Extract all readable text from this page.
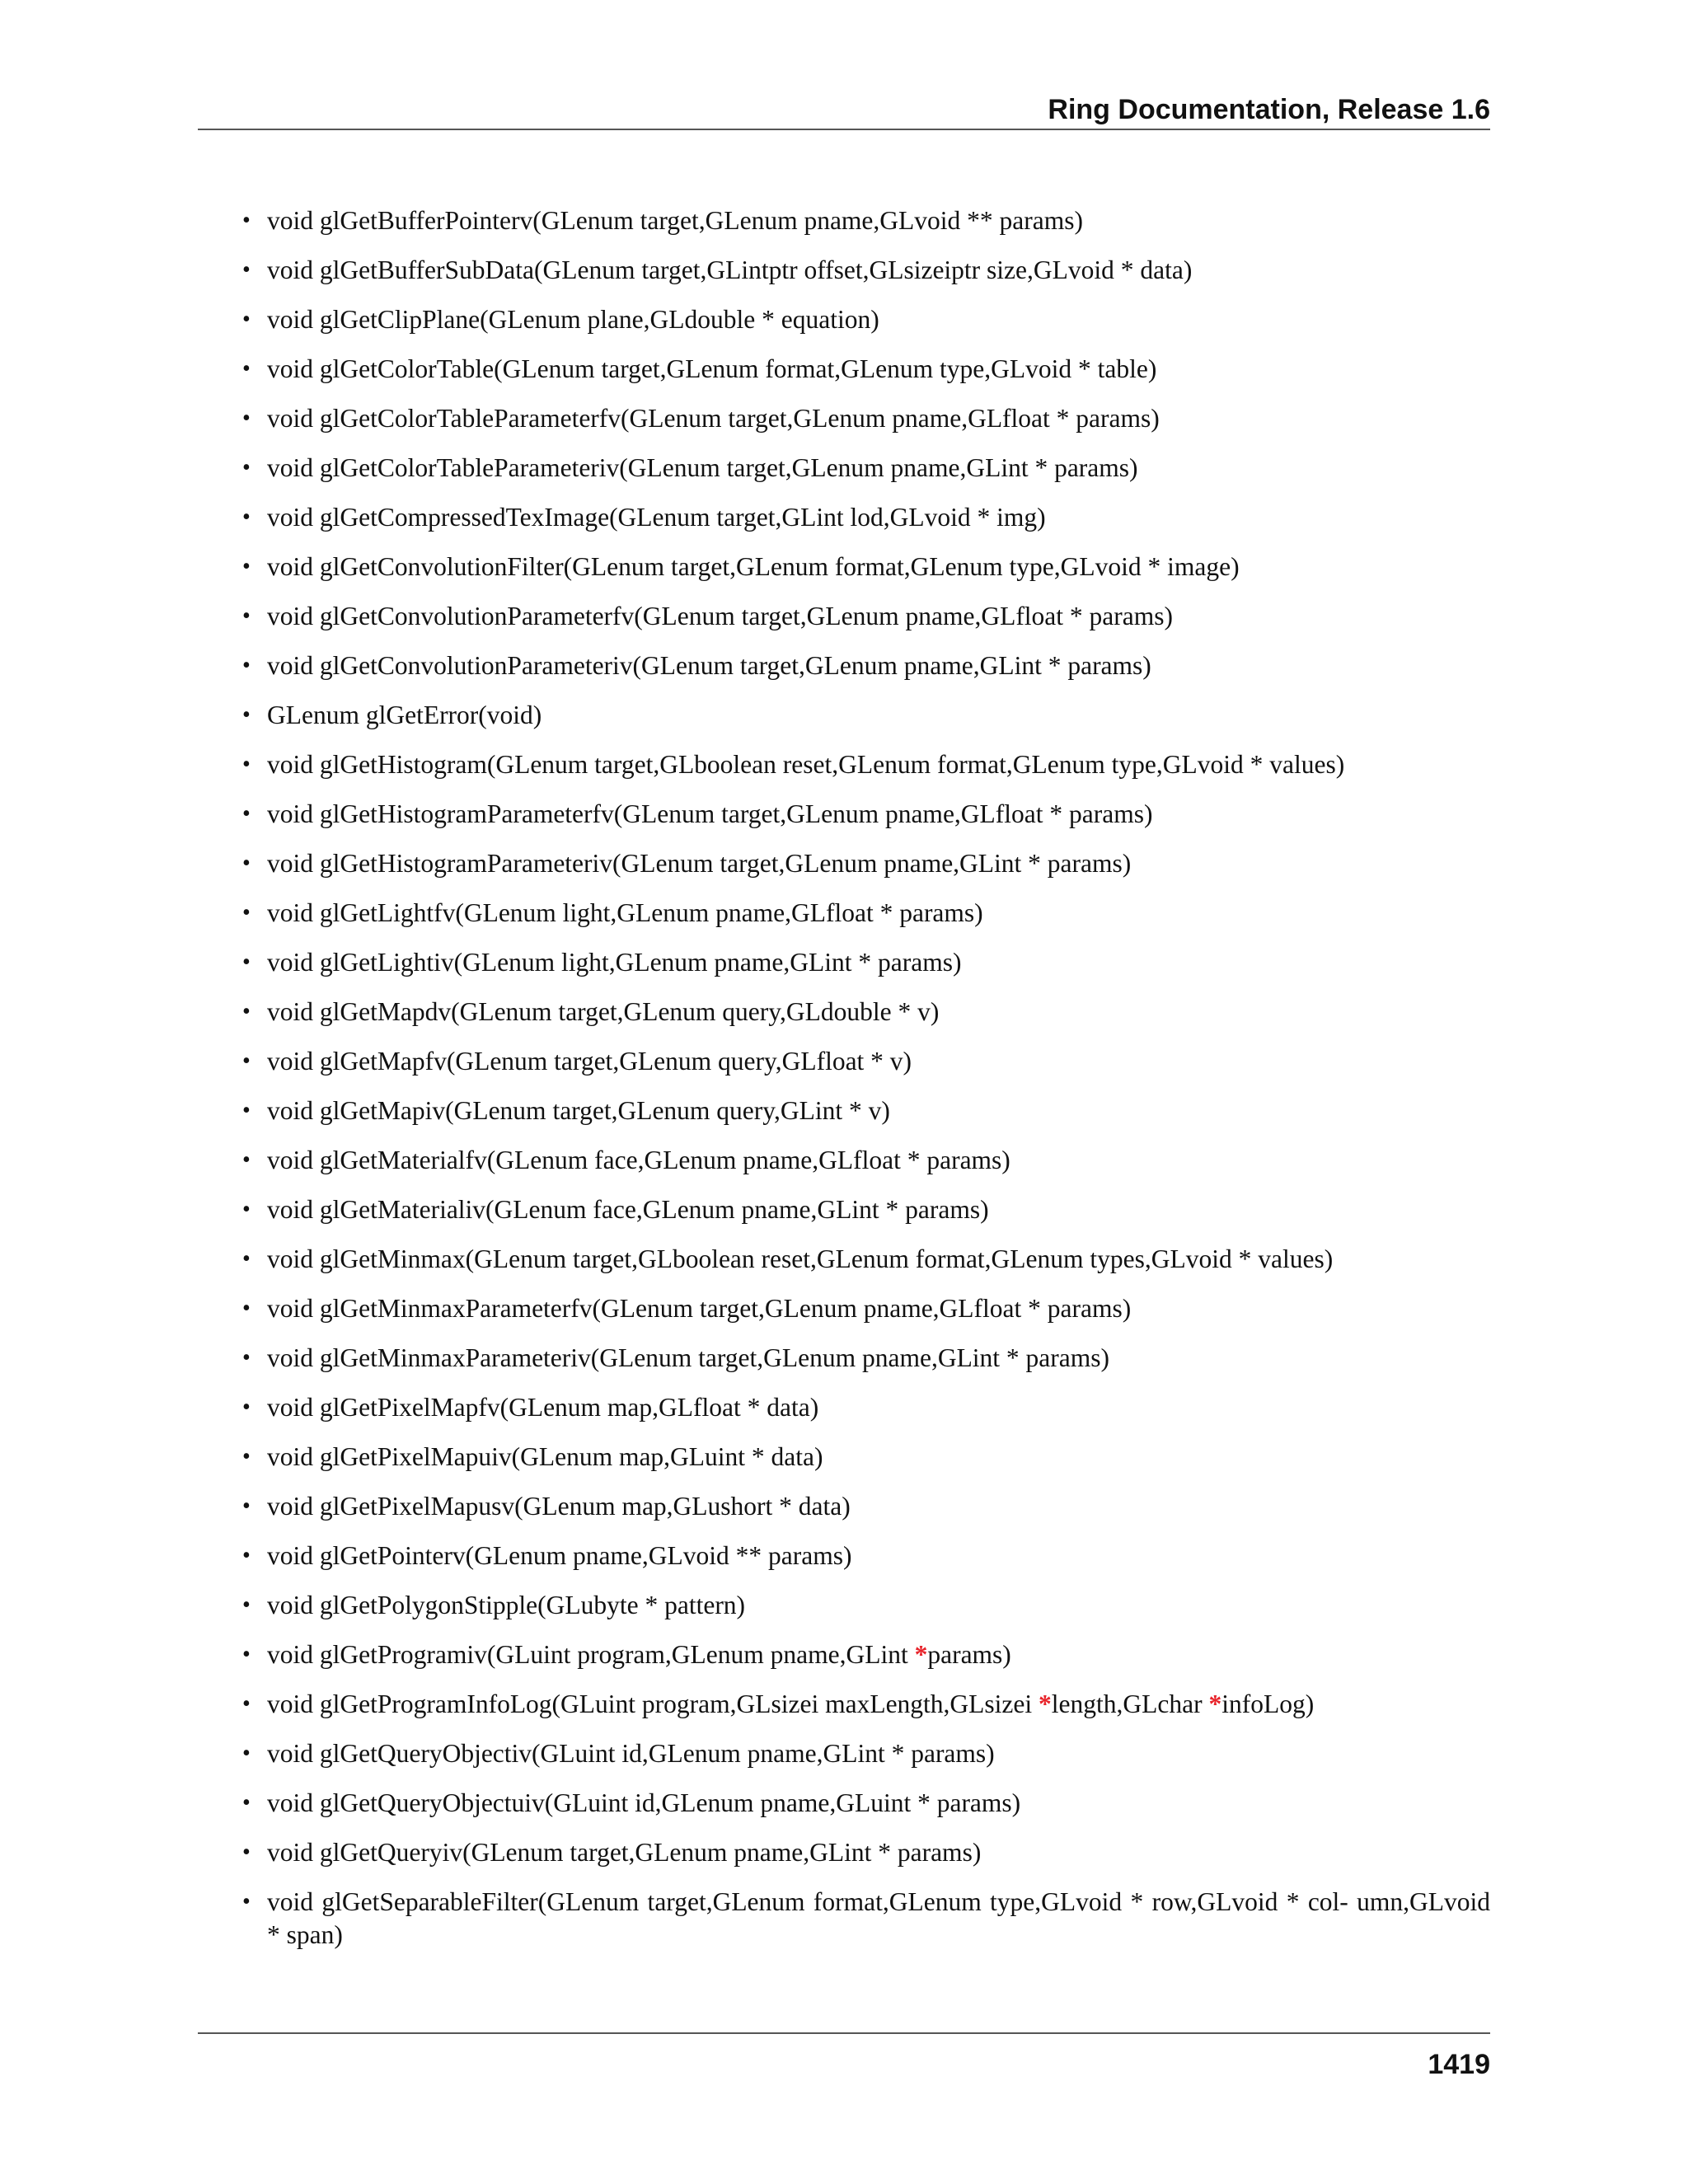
Ring Documentation, Release 1.6
• void glGetBufferPointerv(GLenum target,GLenum pname,GLvoid ** params)
• void glGetBufferSubData(GLenum target,GLintptr offset,GLsizeiptr size,GLvoid * data)
• void glGetClipPlane(GLenum plane,GLdouble * equation)
• void glGetColorTable(GLenum target,GLenum format,GLenum type,GLvoid * table)
• void glGetColorTableParameterfv(GLenum target,GLenum pname,GLfloat * params)
• void glGetColorTableParameteriv(GLenum target,GLenum pname,GLint * params)
• void glGetCompressedTexImage(GLenum target,GLint lod,GLvoid * img)
• void glGetConvolutionFilter(GLenum target,GLenum format,GLenum type,GLvoid * image)
• void glGetConvolutionParameterfv(GLenum target,GLenum pname,GLfloat * params)
• void glGetConvolutionParameteriv(GLenum target,GLenum pname,GLint * params)
• GLenum glGetError(void)
• void glGetHistogram(GLenum target,GLboolean reset,GLenum format,GLenum type,GLvoid * values)
• void glGetHistogramParameterfv(GLenum target,GLenum pname,GLfloat * params)
• void glGetHistogramParameteriv(GLenum target,GLenum pname,GLint * params)
• void glGetLightfv(GLenum light,GLenum pname,GLfloat * params)
• void glGetLightiv(GLenum light,GLenum pname,GLint * params)
• void glGetMapdv(GLenum target,GLenum query,GLdouble * v)
• void glGetMapfv(GLenum target,GLenum query,GLfloat * v)
• void glGetMapiv(GLenum target,GLenum query,GLint * v)
• void glGetMaterialfv(GLenum face,GLenum pname,GLfloat * params)
• void glGetMaterialiv(GLenum face,GLenum pname,GLint * params)
• void glGetMinmax(GLenum target,GLboolean reset,GLenum format,GLenum types,GLvoid * values)
• void glGetMinmaxParameterfv(GLenum target,GLenum pname,GLfloat * params)
• void glGetMinmaxParameteriv(GLenum target,GLenum pname,GLint * params)
• void glGetPixelMapfv(GLenum map,GLfloat * data)
• void glGetPixelMapuiv(GLenum map,GLuint * data)
• void glGetPixelMapusv(GLenum map,GLushort * data)
• void glGetPointerv(GLenum pname,GLvoid ** params)
• void glGetPolygonStipple(GLubyte * pattern)
• void glGetProgramiv(GLuint program,GLenum pname,GLint *params)
• void glGetProgramInfoLog(GLuint program,GLsizei maxLength,GLsizei *length,GLchar *infoLog)
• void glGetQueryObjectiv(GLuint id,GLenum pname,GLint * params)
• void glGetQueryObjectuiv(GLuint id,GLenum pname,GLuint * params)
• void glGetQueryiv(GLenum target,GLenum pname,GLint * params)
• void glGetSeparableFilter(GLenum target,GLenum format,GLenum type,GLvoid * row,GLvoid * col- umn,GLvoid * span)
1419
